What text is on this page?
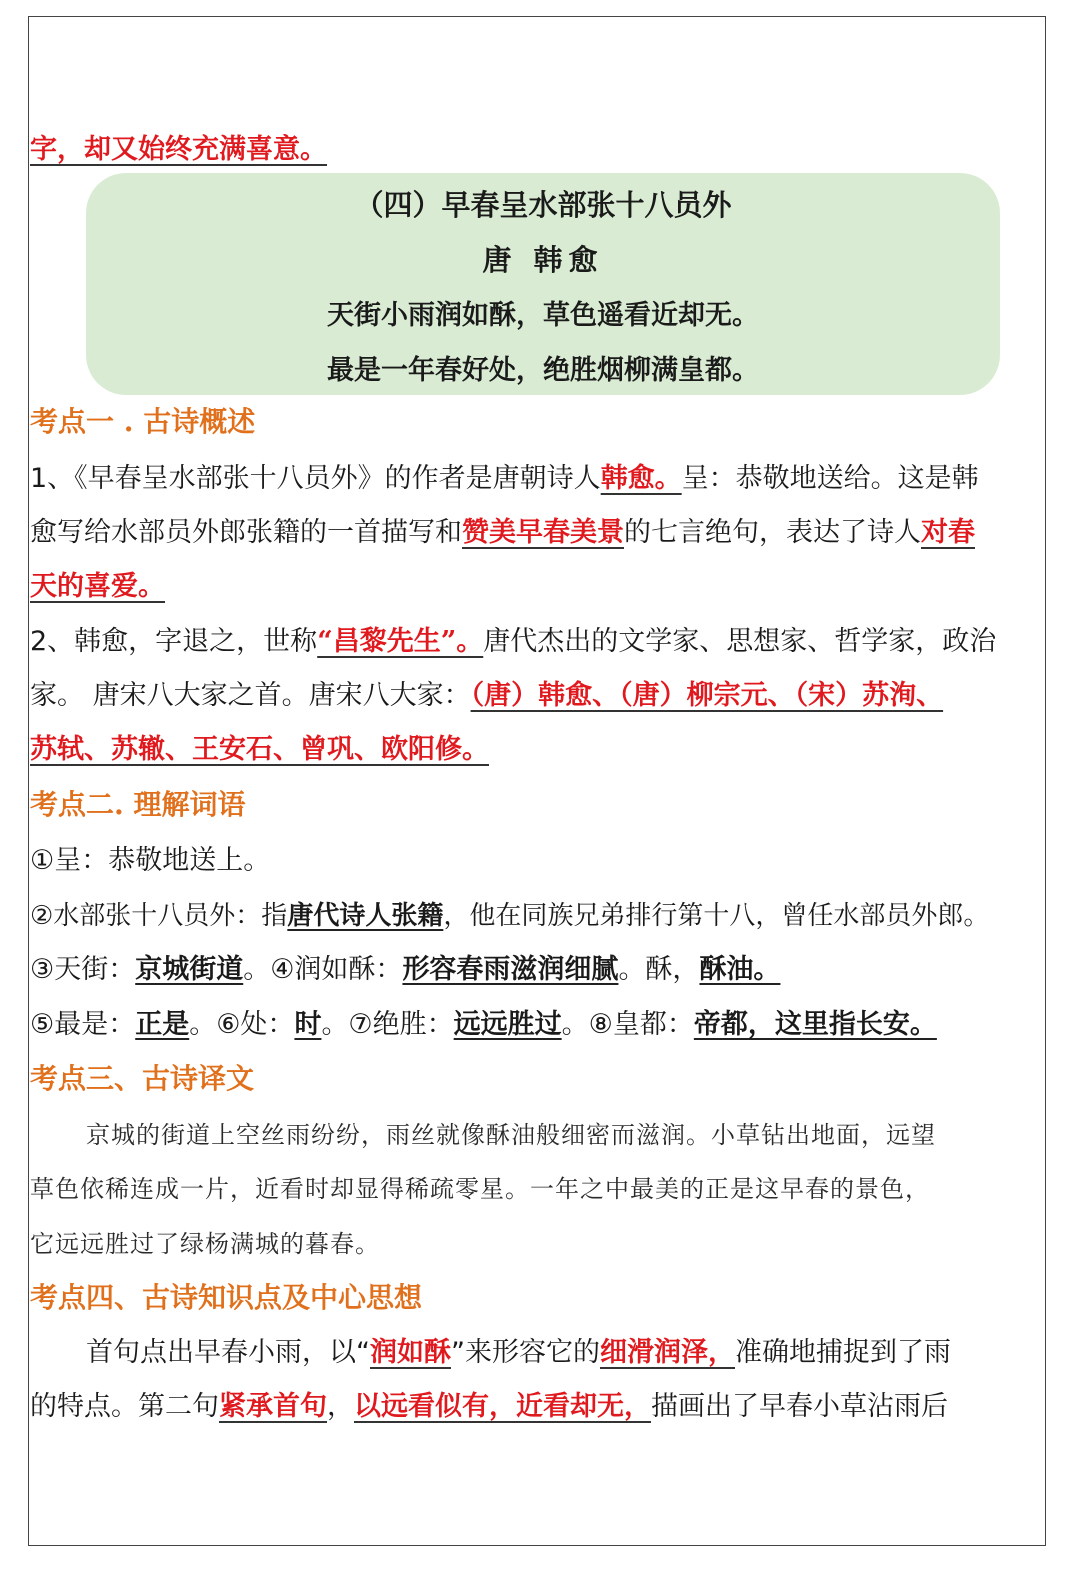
字，却又始终充满喜意。
（四）早春呈水部张十八员外
唐 韩愈
天街小雨润如酥，草色遥看近却无。
最是一年春好处，绝胜烟柳满皇都。
考点一 . 古诗概述
1、《早春呈水部张十八员外》的作者是唐朝诗人韩愈。呈：恭敬地送给。这是韩
愈写给水部员外郎张籍的一首描写和赞美早春美景的七言绝句，表达了诗人对春
天的喜爱。
2、韩愈，字退之，世称“昌黎先生”。唐代杰出的文学家、思想家、哲学家，政治
家。 唐宋八大家之首。唐宋八大家：（唐）韩愈、（唐）柳宗元、（宋）苏洵、
苏轼、苏辙、王安石、曾巩、欧阳修。
考点二. 理解词语
①呈：恭敬地送上。
②水部张十八员外：指唐代诗人张籍，他在同族兄弟排行第十八，曾任水部员外郎。
③天街：京城街道。④润如酥：形容春雨滋润细腻。酥，酥油。
⑤最是：正是。⑥处：时。⑦绝胜：远远胜过。⑧皇都：帝都，这里指长安。
考点三、古诗译文
京城的街道上空丝雨纷纷，雨丝就像酥油般细密而滋润。小草钻出地面，远望
草色依稀连成一片，近看时却显得稀疏零星。一年之中最美的正是这早春的景色，
它远远胜过了绿杨满城的暮春。
考点四、古诗知识点及中心思想
首句点出早春小雨，以“润如酥”来形容它的细滑润泽，准确地捕捉到了雨
的特点。第二句紧承首句，以远看似有，近看却无，描画出了早春小草沾雨后
